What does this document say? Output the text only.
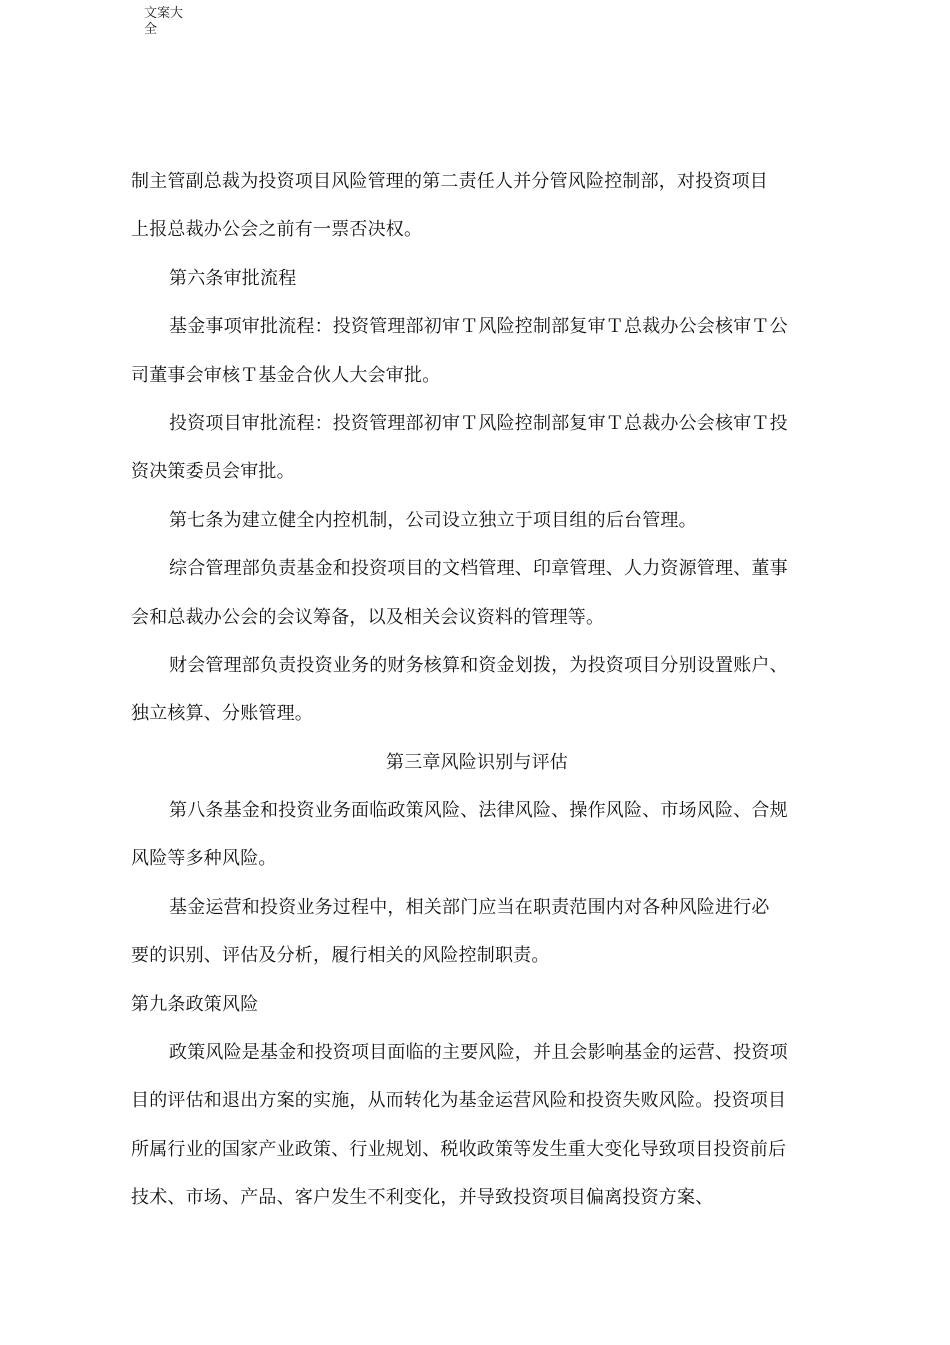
文案大全
制主管副总裁为投资项目风险管理的第二责任人并分管风险控制部，对投资项目
上报总裁办公会之前有一票否决权。
第六条审批流程
基金事项审批流程：投资管理部初审Ｔ风险控制部复审Ｔ总裁办公会核审Ｔ公
司董事会审核Ｔ基金合伙人大会审批。
投资项目审批流程：投资管理部初审Ｔ风险控制部复审Ｔ总裁办公会核审Ｔ投
资决策委员会审批。
第七条为建立健全内控机制，公司设立独立于项目组的后台管理。
综合管理部负责基金和投资项目的文档管理、印章管理、人力资源管理、董事
会和总裁办公会的会议筹备，以及相关会议资料的管理等。
财会管理部负责投资业务的财务核算和资金划拨，为投资项目分别设置账户、
独立核算、分账管理。
第三章风险识别与评估
第八条基金和投资业务面临政策风险、法律风险、操作风险、市场风险、合规
风险等多种风险。
基金运营和投资业务过程中，相关部门应当在职责范围内对各种风险进行必
要的识别、评估及分析，履行相关的风险控制职责。
第九条政策风险
政策风险是基金和投资项目面临的主要风险，并且会影响基金的运营、投资项
目的评估和退出方案的实施，从而转化为基金运营风险和投资失败风险。投资项目
所属行业的国家产业政策、行业规划、税收政策等发生重大变化导致项目投资前后
技术、市场、产品、客户发生不利变化，并导致投资项目偏离投资方案、
